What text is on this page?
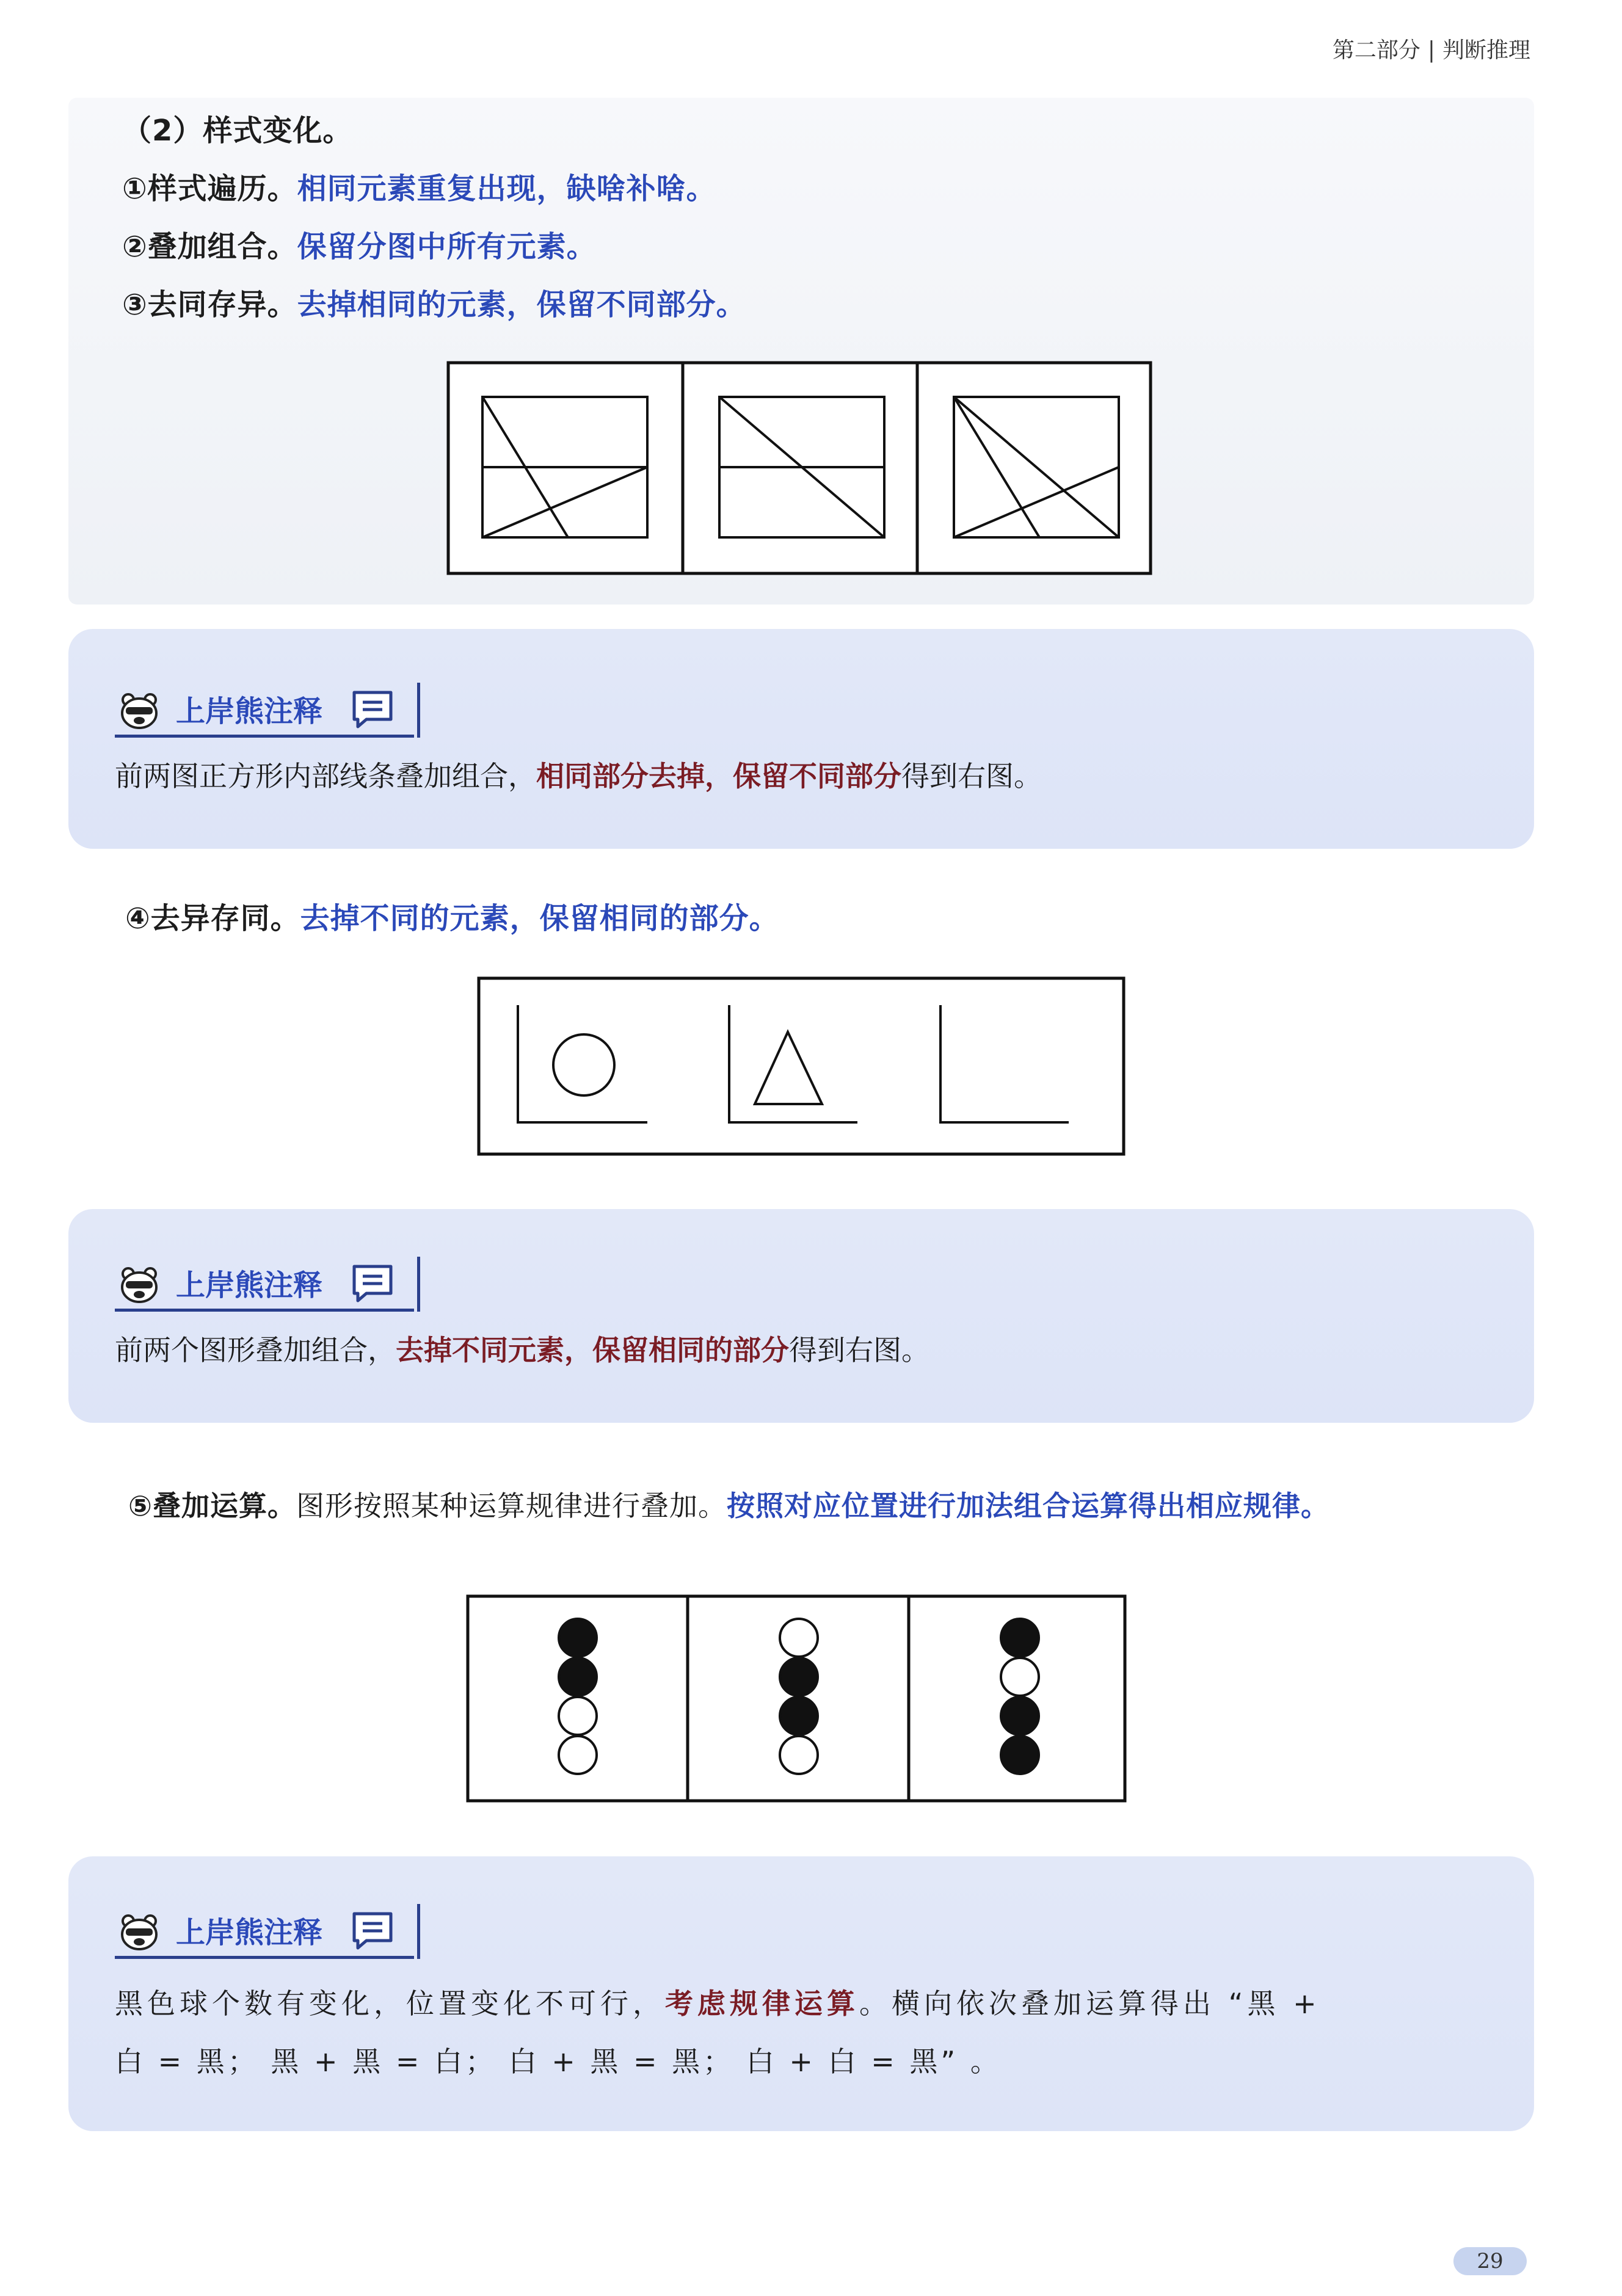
第二部分 | 判断推理
（2）样式变化。
①样式遍历。相同元素重复出现，缺啥补啥。
②叠加组合。保留分图中所有元素。
③去同存异。去掉相同的元素，保留不同部分。
上岸熊注释
前两图正方形内部线条叠加组合，相同部分去掉，保留不同部分得到右图。
④去异存同。去掉不同的元素，保留相同的部分。
上岸熊注释
前两个图形叠加组合，去掉不同元素，保留相同的部分得到右图。
⑤叠加运算。图形按照某种运算规律进行叠加。按照对应位置进行加法组合运算得出相应规律。
上岸熊注释
黑色球个数有变化，位置变化不可行，考虑规律运算。横向依次叠加运算得出 “黑 +
白 = 黑； 黑 + 黑 = 白； 白 + 黑 = 黑； 白 + 白 = 黑” 。
29
